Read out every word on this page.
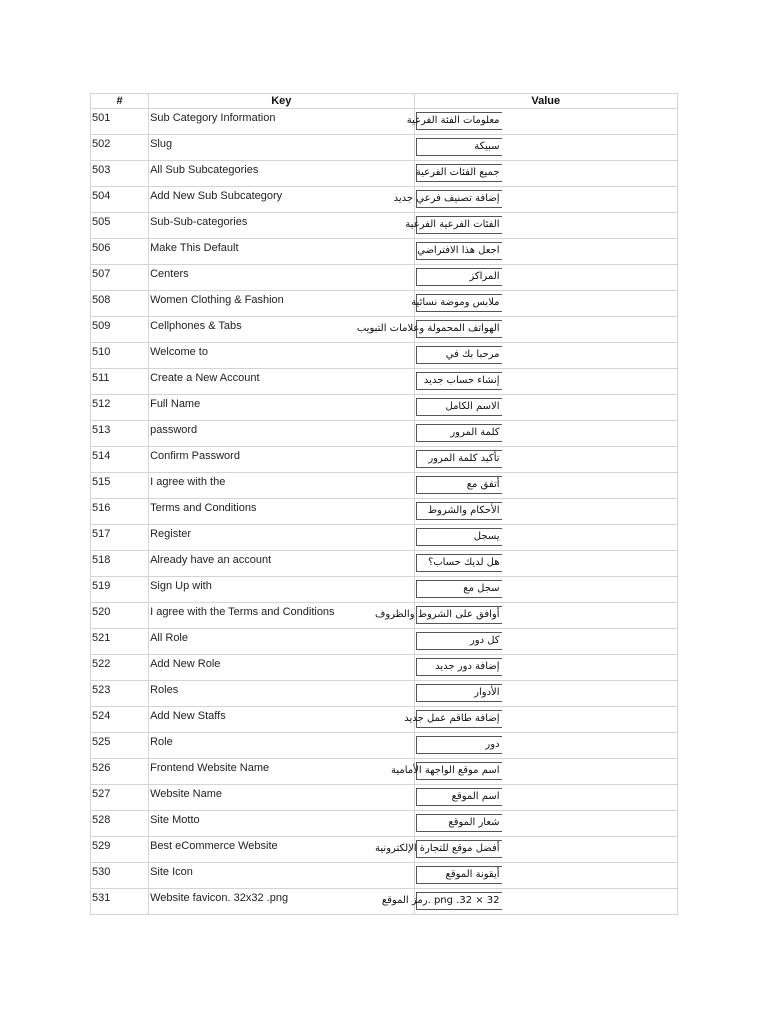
#	Key	Value

501	Sub Category Information	معلومات الفئة الفرعية

502	Slug	سبيكة

503	All Sub Subcategories	جميع الفئات الفرعية

504	Add New Sub Subcategory	إضافة تصنيف فرعي جديد

505	Sub-Sub-categories	الفئات الفرعية الفرعية

506	Make This Default	اجعل هذا الافتراضي

507	Centers	المراكز

508	Women Clothing & Fashion	ملابس وموضة نسائية

509	Cellphones & Tabs	الهواتف المحمولة وعلامات التبويب

510	Welcome to	مرحبا بك في

511	Create a New Account	إنشاء حساب جديد

512	Full Name	الاسم الكامل

513	password	كلمة المرور

514	Confirm Password	تأكيد كلمة المرور

515	I agree with the	أتفق مع

516	Terms and Conditions	الأحكام والشروط

517	Register	يسجل

518	Already have an account	هل لديك حساب؟

519	Sign Up with	سجل مع

520	I agree with the Terms and Conditions	أوافق على الشروط والظروف

521	All Role	كل دور

522	Add New Role	إضافة دور جديد

523	Roles	الأدوار

524	Add New Staffs	إضافة طاقم عمل جديد

525	Role	دور

526	Frontend Website Name	اسم موقع الواجهة الأمامية

527	Website Name	اسم الموقع

528	Site Motto	شعار الموقع

529	Best eCommerce Website	أفضل موقع للتجارة الإلكترونية

530	Site Icon	أيقونة الموقع

531	Website favicon. 32x32 .png	png .32 × 32 .رمز الموقع
